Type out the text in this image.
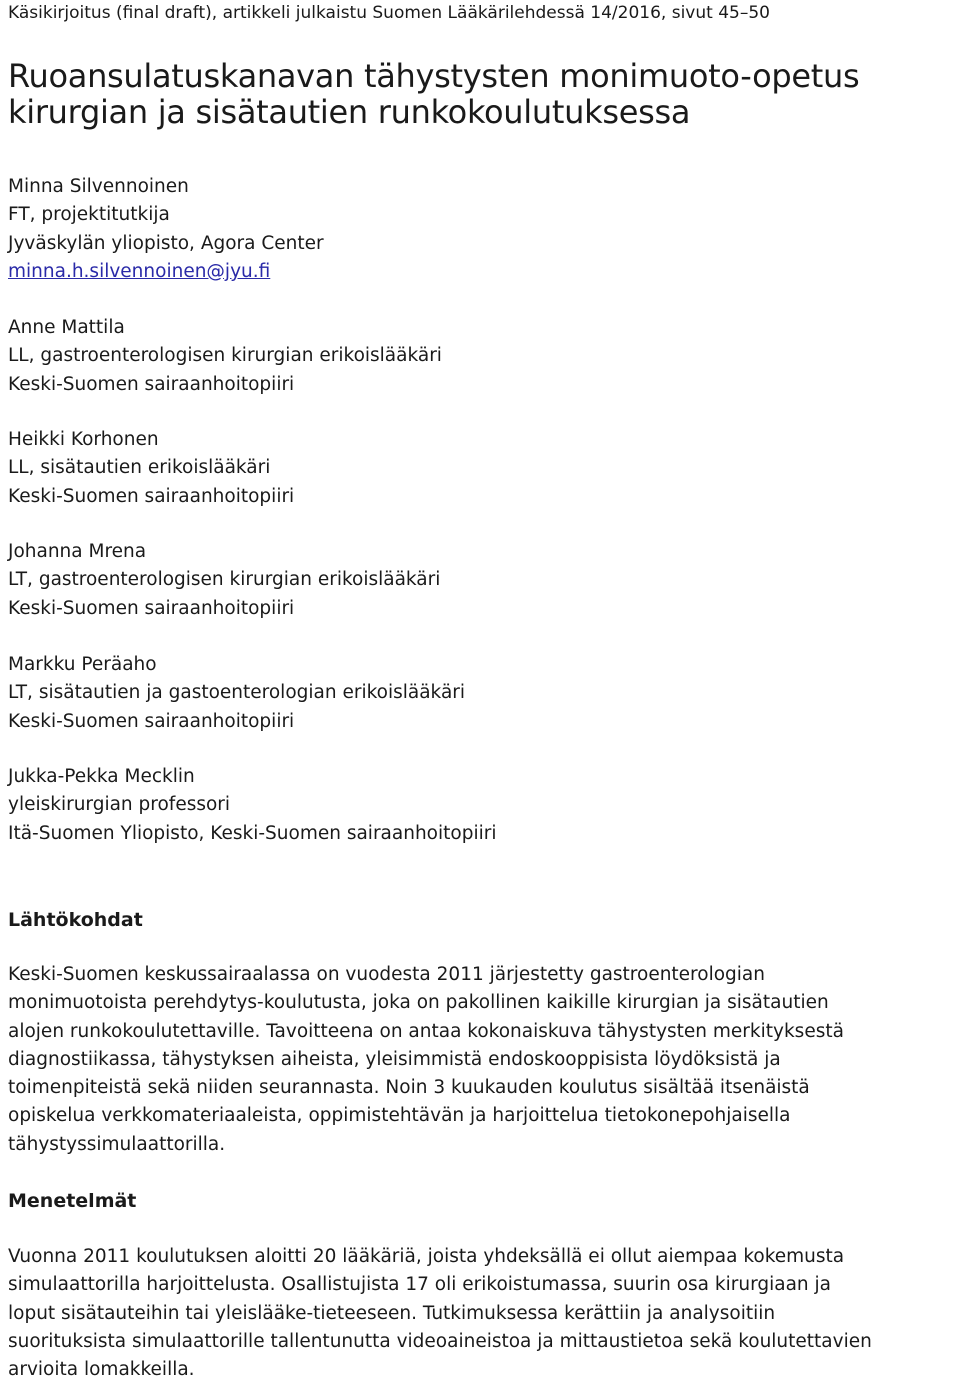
Käsikirjoitus (final draft), artikkeli julkaistu Suomen Lääkärilehdessä 14/2016, sivut 45–50
Ruoansulatuskanavan tähystysten monimuoto-opetus
kirurgian ja sisätautien runkokoulutuksessa
Minna Silvennoinen
FT, projektitutkija
Jyväskylän yliopisto, Agora Center
minna.h.silvennoinen@jyu.fi
Anne Mattila
LL, gastroenterologisen kirurgian erikoislääkäri
Keski-Suomen sairaanhoitopiiri
Heikki Korhonen
LL, sisätautien erikoislääkäri
Keski-Suomen sairaanhoitopiiri
Johanna Mrena
LT, gastroenterologisen kirurgian erikoislääkäri
Keski-Suomen sairaanhoitopiiri
Markku Peräaho
LT, sisätautien ja gastoenterologian erikoislääkäri
Keski-Suomen sairaanhoitopiiri
Jukka-Pekka Mecklin
yleiskirurgian professori
Itä-Suomen Yliopisto, Keski-Suomen sairaanhoitopiiri
Lähtökohdat
Keski-Suomen keskussairaalassa on vuodesta 2011 järjestetty gastroenterologian
monimuotoista perehdytys-koulutusta, joka on pakollinen kaikille kirurgian ja sisätautien
alojen runkokoulutettaville. Tavoitteena on antaa kokonaiskuva tähystysten merkityksestä
diagnostiikassa, tähystyksen aiheista, yleisimmistä endoskooppisista löydöksistä ja
toimenpiteistä sekä niiden seurannasta. Noin 3 kuukauden koulutus sisältää itsenäistä
opiskelua verkkomateriaaleista, oppimistehtävän ja harjoittelua tietokonepohjaisella
tähystyssimulaattorilla.
Menetelmät
Vuonna 2011 koulutuksen aloitti 20 lääkäriä, joista yhdeksällä ei ollut aiempaa kokemusta
simulaattorilla harjoittelusta. Osallistujista 17 oli erikoistumassa, suurin osa kirurgiaan ja
loput sisätauteihin tai yleislääke-tieteeseen. Tutkimuksessa kerättiin ja analysoitiin
suorituksista simulaattorille tallentunutta videoaineistoa ja mittaustietoa sekä koulutettavien
arvioita lomakkeilla.
